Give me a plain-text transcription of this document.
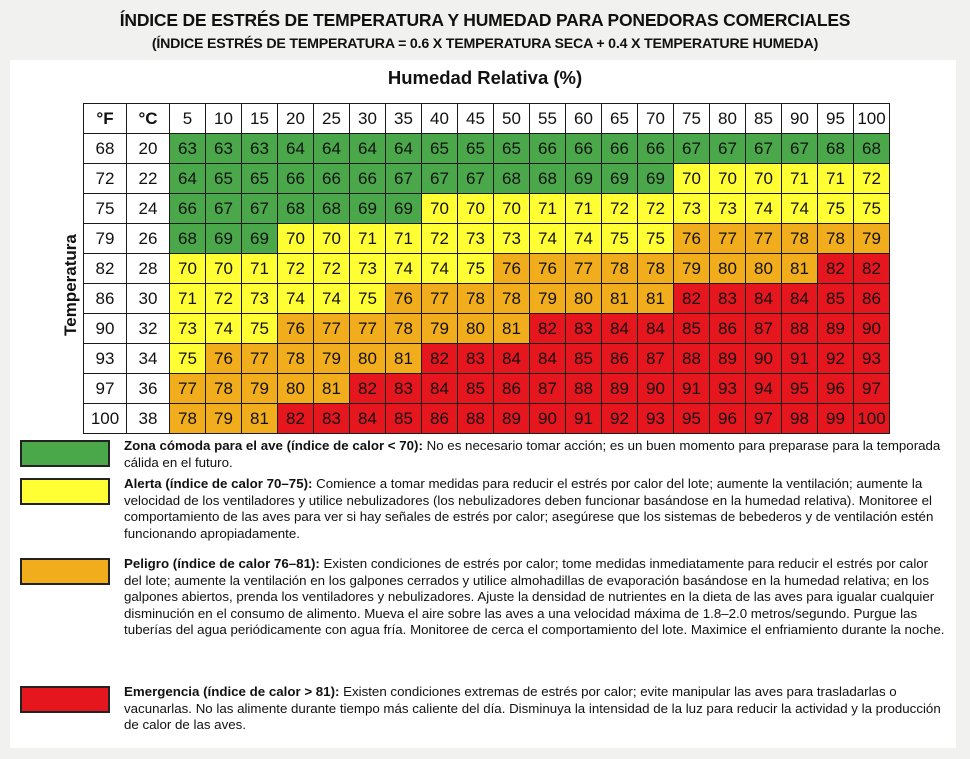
ÍNDICE DE ESTRÉS DE TEMPERATURA Y HUMEDAD PARA PONEDORAS COMERCIALES
(ÍNDICE ESTRÉS DE TEMPERATURA = 0.6 X TEMPERATURA SECA + 0.4 X TEMPERATURE HUMEDA)
Humedad Relativa (%)
Temperatura
°F	°C	5	10	15	20	25	30	35	40	45	50	55	60	65	70	75	80	85	90	95	100
68	20	63	63	63	64	64	64	64	65	65	65	66	66	66	66	67	67	67	67	68	68
72	22	64	65	65	66	66	66	67	67	67	68	68	69	69	69	70	70	70	71	71	72
75	24	66	67	67	68	68	69	69	70	70	70	71	71	72	72	73	73	74	74	75	75
79	26	68	69	69	70	70	71	71	72	73	73	74	74	75	75	76	77	77	78	78	79
82	28	70	70	71	72	72	73	74	74	75	76	76	77	78	78	79	80	80	81	82	82
86	30	71	72	73	74	74	75	76	77	78	78	79	80	81	81	82	83	84	84	85	86
90	32	73	74	75	76	77	77	78	79	80	81	82	83	84	84	85	86	87	88	89	90
93	34	75	76	77	78	79	80	81	82	83	84	84	85	86	87	88	89	90	91	92	93
97	36	77	78	79	80	81	82	83	84	85	86	87	88	89	90	91	93	94	95	96	97
100	38	78	79	81	82	83	84	85	86	88	89	90	91	92	93	95	96	97	98	99	100
Zona cómoda para el ave (índice de calor < 70): No es necesario tomar acción; es un buen momento para preparase para la temporada cálida en el futuro.
Alerta (índice de calor 70–75): Comience a tomar medidas para reducir el estrés por calor del lote; aumente la ventilación; aumente la velocidad de los ventiladores y utilice nebulizadores (los nebulizadores deben funcionar basándose en la humedad relativa). Monitoree el comportamiento de las aves para ver si hay señales de estrés por calor; asegúrese que los sistemas de bebederos y de ventilación estén funcionando apropiadamente.
Peligro (índice de calor 76–81): Existen condiciones de estrés por calor; tome medidas inmediatamente para reducir el estrés por calor del lote; aumente la ventilación en los galpones cerrados y utilice almohadillas de evaporación basándose en la humedad relativa; en los galpones abiertos, prenda los ventiladores y nebulizadores. Ajuste la densidad de nutrientes en la dieta de las aves para igualar cualquier disminución en el consumo de alimento. Mueva el aire sobre las aves a una velocidad máxima de 1.8–2.0 metros/segundo. Purgue las tuberías del agua periódicamente con agua fría. Monitoree de cerca el comportamiento del lote. Maximice el enfriamiento durante la noche.
Emergencia (índice de calor > 81): Existen condiciones extremas de estrés por calor; evite manipular las aves para trasladarlas o vacunarlas. No las alimente durante tiempo más caliente del día. Disminuya la intensidad de la luz para reducir la actividad y la producción de calor de las aves.
